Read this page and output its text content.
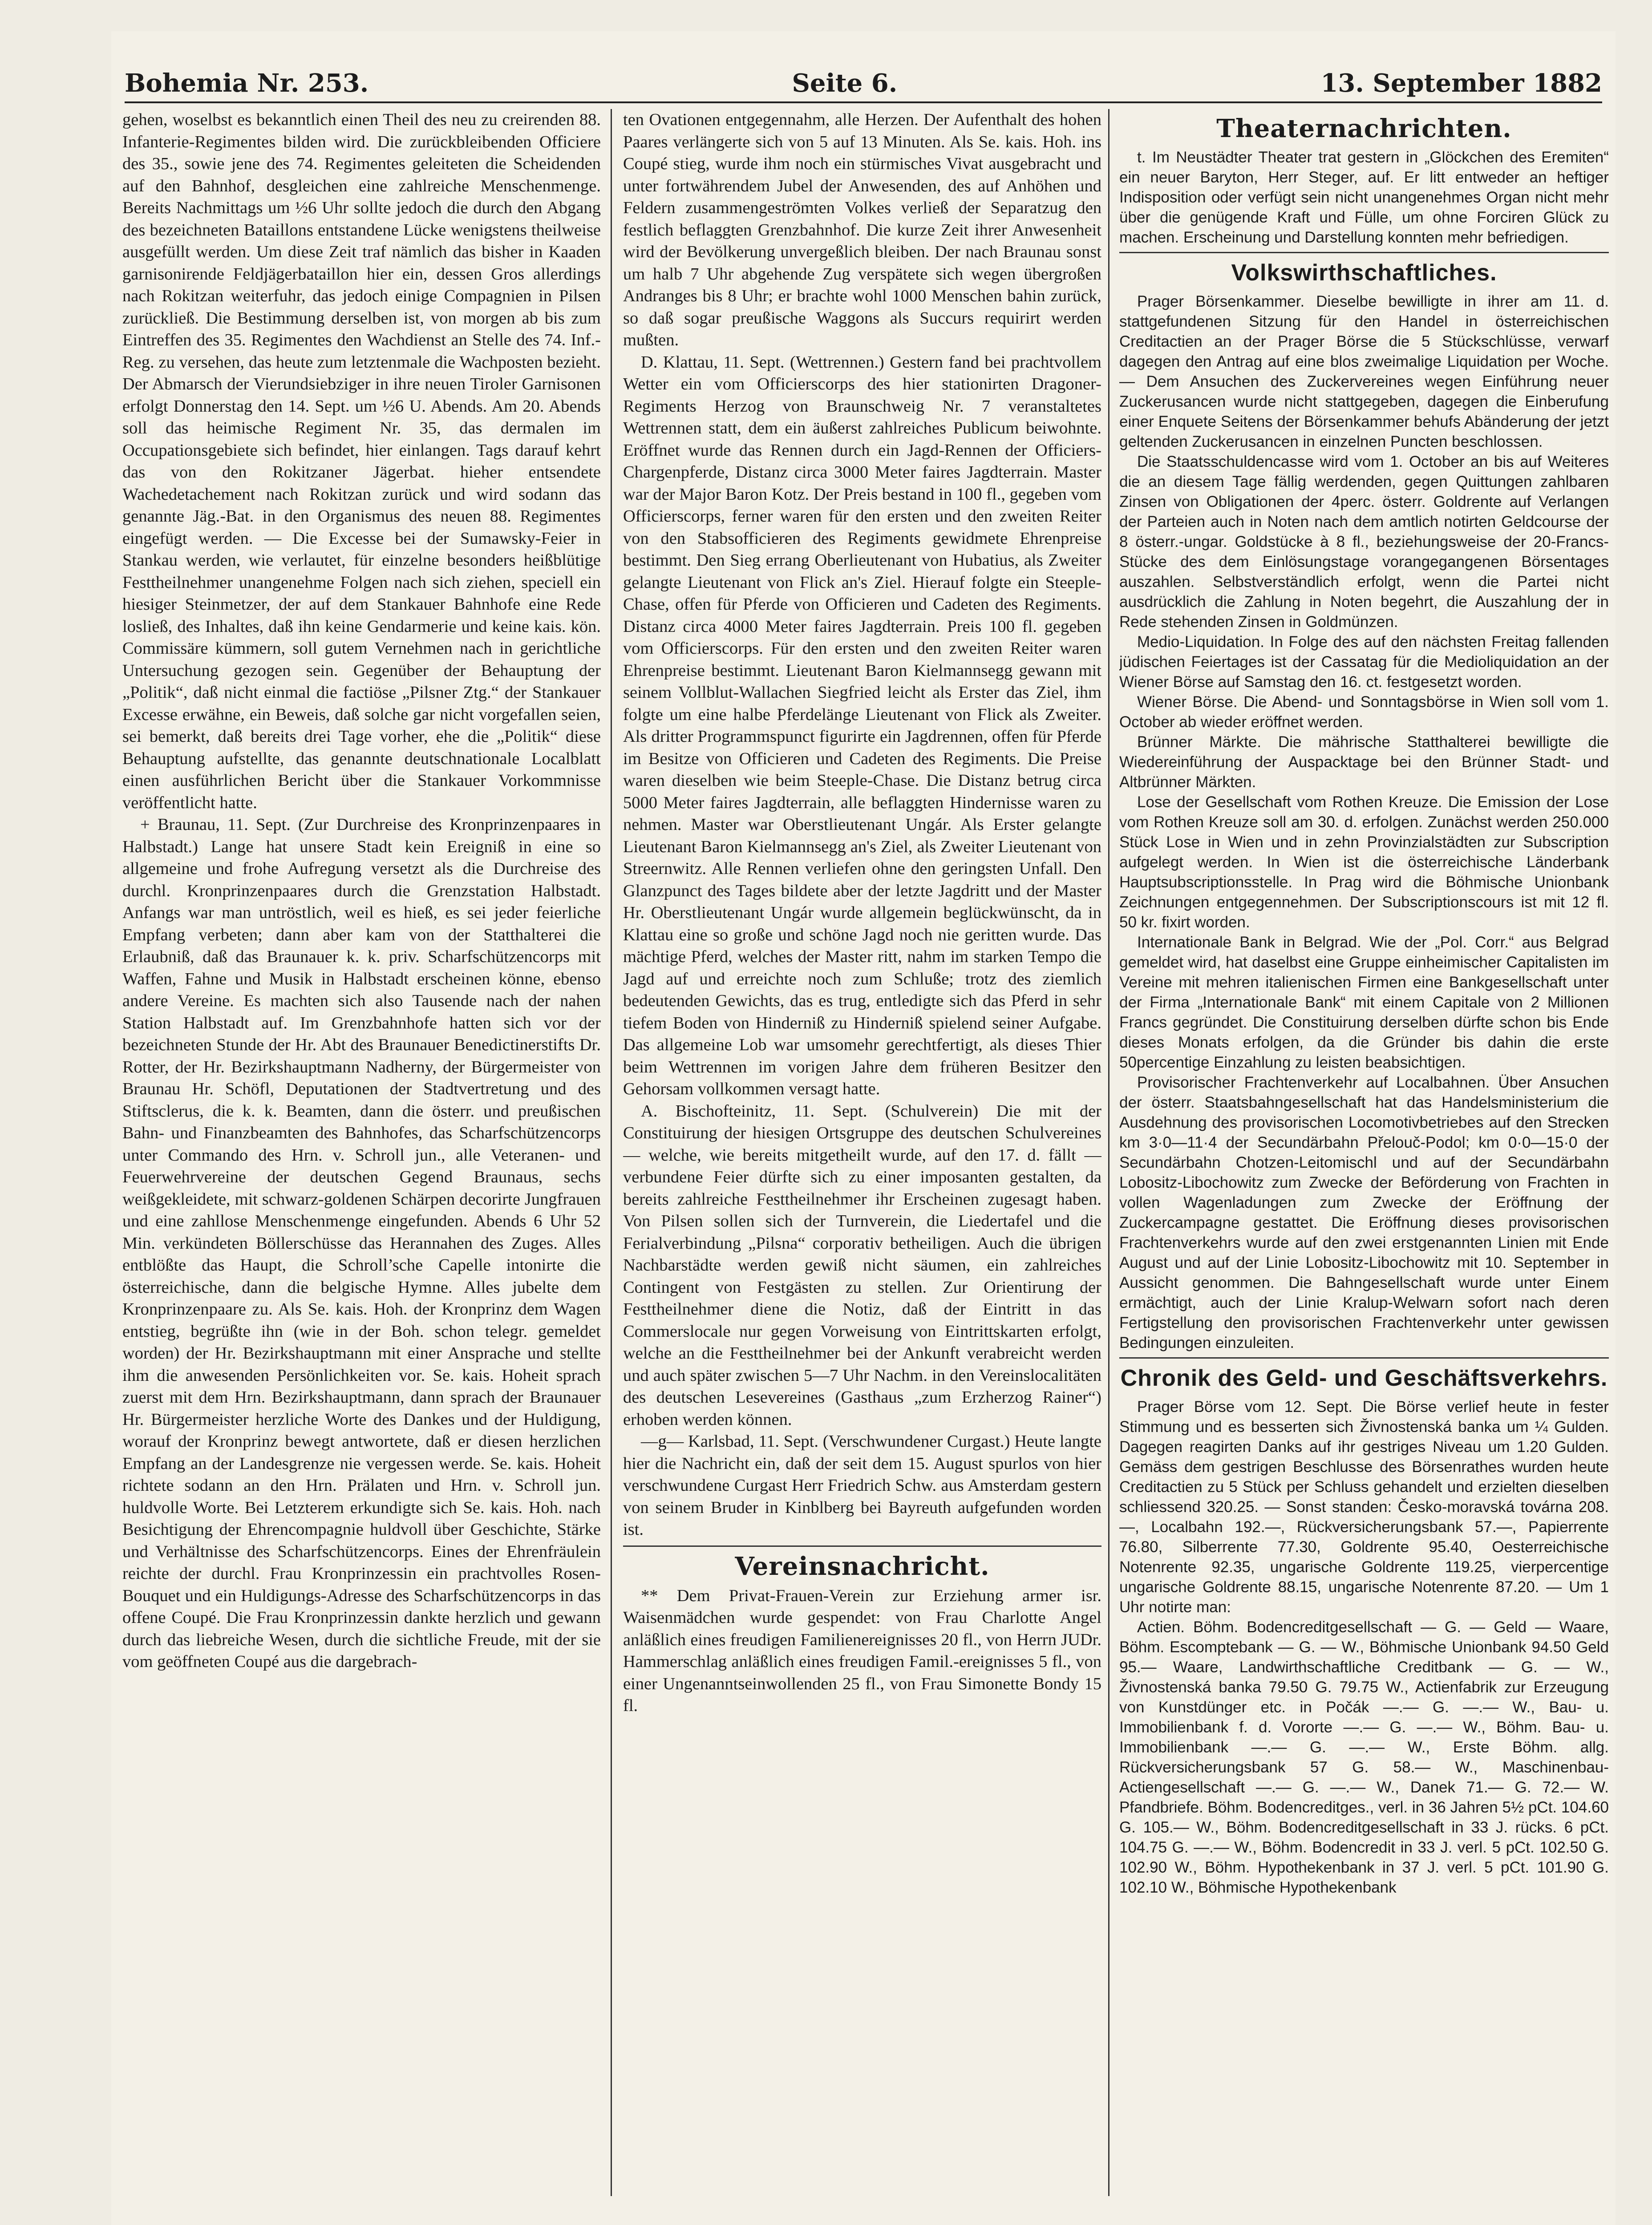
Bohemia Nr. 253.	Seite 6.	13. September 1882

gehen, woselbst es bekanntlich einen Theil des neu zu creirenden 88. Infanterie-Regimentes bilden wird. Die zurückbleibenden Officiere des 35., sowie jene des 74. Regimentes geleiteten die Scheidenden auf den Bahnhof, desgleichen eine zahlreiche Menschenmenge. Bereits Nachmittags um ½6 Uhr sollte jedoch die durch den Abgang des bezeichneten Bataillons entstandene Lücke wenigstens theilweise ausgefüllt werden. Um diese Zeit traf nämlich das bisher in Kaaden garnisonirende Feldjägerbataillon hier ein, dessen Gros allerdings nach Rokitzan weiterfuhr, das jedoch einige Compagnien in Pilsen zurückließ. Die Bestimmung derselben ist, von morgen ab bis zum Eintreffen des 35. Regimentes den Wachdienst an Stelle des 74. Inf.-Reg. zu versehen, das heute zum letztenmale die Wachposten bezieht. Der Abmarsch der Vierundsiebziger in ihre neuen Tiroler Garnisonen erfolgt Donnerstag den 14. Sept. um ½6 U. Abends. Am 20. Abends soll das heimische Regiment Nr. 35, das dermalen im Occupationsgebiete sich befindet, hier einlangen. Tags darauf kehrt das von den Rokitzaner Jägerbat. hieher entsendete Wachedetachement nach Rokitzan zurück und wird sodann das genannte Jäg.-Bat. in den Organismus des neuen 88. Regimentes eingefügt werden. — Die Excesse bei der Sumawsky-Feier in Stankau werden, wie verlautet, für einzelne besonders heißblütige Festtheilnehmer unangenehme Folgen nach sich ziehen, speciell ein hiesiger Steinmetzer, der auf dem Stankauer Bahnhofe eine Rede losließ, des Inhaltes, daß ihn keine Gendarmerie und keine kais. kön. Commissäre kümmern, soll gutem Vernehmen nach in gerichtliche Untersuchung gezogen sein. Gegenüber der Behauptung der „Politik“, daß nicht einmal die factiöse „Pilsner Ztg.“ der Stankauer Excesse erwähne, ein Beweis, daß solche gar nicht vorgefallen seien, sei bemerkt, daß bereits drei Tage vorher, ehe die „Politik“ diese Behauptung aufstellte, das genannte deutschnationale Localblatt einen ausführlichen Bericht über die Stankauer Vorkommnisse veröffentlicht hatte.

+ Braunau, 11. Sept. (Zur Durchreise des Kronprinzenpaares in Halbstadt.) Lange hat unsere Stadt kein Ereigniß in eine so allgemeine und frohe Aufregung versetzt als die Durchreise des durchl. Kronprinzenpaares durch die Grenzstation Halbstadt. Anfangs war man untröstlich, weil es hieß, es sei jeder feierliche Empfang verbeten; dann aber kam von der Statthalterei die Erlaubniß, daß das Braunauer k. k. priv. Scharfschützencorps mit Waffen, Fahne und Musik in Halbstadt erscheinen könne, ebenso andere Vereine. Es machten sich also Tausende nach der nahen Station Halbstadt auf. Im Grenzbahnhofe hatten sich vor der bezeichneten Stunde der Hr. Abt des Braunauer Benedictinerstifts Dr. Rotter, der Hr. Bezirkshauptmann Nadherny, der Bürgermeister von Braunau Hr. Schöfl, Deputationen der Stadtvertretung und des Stiftsclerus, die k. k. Beamten, dann die österr. und preußischen Bahn- und Finanzbeamten des Bahnhofes, das Scharfschützencorps unter Commando des Hrn. v. Schroll jun., alle Veteranen- und Feuerwehrvereine der deutschen Gegend Braunaus, sechs weißgekleidete, mit schwarz-goldenen Schärpen decorirte Jungfrauen und eine zahllose Menschenmenge eingefunden. Abends 6 Uhr 52 Min. verkündeten Böllerschüsse das Herannahen des Zuges. Alles entblößte das Haupt, die Schroll’sche Capelle intonirte die österreichische, dann die belgische Hymne. Alles jubelte dem Kronprinzenpaare zu. Als Se. kais. Hoh. der Kronprinz dem Wagen entstieg, begrüßte ihn (wie in der Boh. schon telegr. gemeldet worden) der Hr. Bezirkshauptmann mit einer Ansprache und stellte ihm die anwesenden Persönlichkeiten vor. Se. kais. Hoheit sprach zuerst mit dem Hrn. Bezirkshauptmann, dann sprach der Braunauer Hr. Bürgermeister herzliche Worte des Dankes und der Huldigung, worauf der Kronprinz bewegt antwortete, daß er diesen herzlichen Empfang an der Landesgrenze nie vergessen werde. Se. kais. Hoheit richtete sodann an den Hrn. Prälaten und Hrn. v. Schroll jun. huldvolle Worte. Bei Letzterem erkundigte sich Se. kais. Hoh. nach Besichtigung der Ehrencompagnie huldvoll über Geschichte, Stärke und Verhältnisse des Scharfschützencorps. Eines der Ehrenfräulein reichte der durchl. Frau Kronprinzessin ein prachtvolles Rosen-Bouquet und ein Huldigungs-Adresse des Scharfschützencorps in das offene Coupé. Die Frau Kronprinzessin dankte herzlich und gewann durch das liebreiche Wesen, durch die sichtliche Freude, mit der sie vom geöffneten Coupé aus die dargebrach-

ten Ovationen entgegennahm, alle Herzen. Der Aufenthalt des hohen Paares verlängerte sich von 5 auf 13 Minuten. Als Se. kais. Hoh. ins Coupé stieg, wurde ihm noch ein stürmisches Vivat ausgebracht und unter fortwährendem Jubel der Anwesenden, des auf Anhöhen und Feldern zusammengeströmten Volkes verließ der Separatzug den festlich beflaggten Grenzbahnhof. Die kurze Zeit ihrer Anwesenheit wird der Bevölkerung unvergeßlich bleiben. Der nach Braunau sonst um halb 7 Uhr abgehende Zug verspätete sich wegen übergroßen Andranges bis 8 Uhr; er brachte wohl 1000 Menschen bahin zurück, so daß sogar preußische Waggons als Succurs requirirt werden mußten.

D. Klattau, 11. Sept. (Wettrennen.) Gestern fand bei prachtvollem Wetter ein vom Officierscorps des hier stationirten Dragoner-Regiments Herzog von Braunschweig Nr. 7 veranstaltetes Wettrennen statt, dem ein äußerst zahlreiches Publicum beiwohnte. Eröffnet wurde das Rennen durch ein Jagd-Rennen der Officiers-Chargenpferde, Distanz circa 3000 Meter faires Jagdterrain. Master war der Major Baron Kotz. Der Preis bestand in 100 fl., gegeben vom Officierscorps, ferner waren für den ersten und den zweiten Reiter von den Stabsofficieren des Regiments gewidmete Ehrenpreise bestimmt. Den Sieg errang Oberlieutenant von Hubatius, als Zweiter gelangte Lieutenant von Flick an's Ziel. Hierauf folgte ein Steeple-Chase, offen für Pferde von Officieren und Cadeten des Regiments. Distanz circa 4000 Meter faires Jagdterrain. Preis 100 fl. gegeben vom Officierscorps. Für den ersten und den zweiten Reiter waren Ehrenpreise bestimmt. Lieutenant Baron Kielmannsegg gewann mit seinem Vollblut-Wallachen Siegfried leicht als Erster das Ziel, ihm folgte um eine halbe Pferdelänge Lieutenant von Flick als Zweiter. Als dritter Programmspunct figurirte ein Jagdrennen, offen für Pferde im Besitze von Officieren und Cadeten des Regiments. Die Preise waren dieselben wie beim Steeple-Chase. Die Distanz betrug circa 5000 Meter faires Jagdterrain, alle beflaggten Hindernisse waren zu nehmen. Master war Oberstlieutenant Ungár. Als Erster gelangte Lieutenant Baron Kielmannsegg an's Ziel, als Zweiter Lieutenant von Streernwitz. Alle Rennen verliefen ohne den geringsten Unfall. Den Glanzpunct des Tages bildete aber der letzte Jagdritt und der Master Hr. Oberstlieutenant Ungár wurde allgemein beglückwünscht, da in Klattau eine so große und schöne Jagd noch nie geritten wurde. Das mächtige Pferd, welches der Master ritt, nahm im starken Tempo die Jagd auf und erreichte noch zum Schluße; trotz des ziemlich bedeutenden Gewichts, das es trug, entledigte sich das Pferd in sehr tiefem Boden von Hinderniß zu Hinderniß spielend seiner Aufgabe. Das allgemeine Lob war umsomehr gerechtfertigt, als dieses Thier beim Wettrennen im vorigen Jahre dem früheren Besitzer den Gehorsam vollkommen versagt hatte.

A. Bischofteinitz, 11. Sept. (Schulverein) Die mit der Constituirung der hiesigen Ortsgruppe des deutschen Schulvereines — welche, wie bereits mitgetheilt wurde, auf den 17. d. fällt — verbundene Feier dürfte sich zu einer imposanten gestalten, da bereits zahlreiche Festtheilnehmer ihr Erscheinen zugesagt haben. Von Pilsen sollen sich der Turnverein, die Liedertafel und die Ferialverbindung „Pilsna“ corporativ betheiligen. Auch die übrigen Nachbarstädte werden gewiß nicht säumen, ein zahlreiches Contingent von Festgästen zu stellen. Zur Orientirung der Festtheilnehmer diene die Notiz, daß der Eintritt in das Commerslocale nur gegen Vorweisung von Eintrittskarten erfolgt, welche an die Festtheilnehmer bei der Ankunft verabreicht werden und auch später zwischen 5—7 Uhr Nachm. in den Vereinslocalitäten des deutschen Lesevereines (Gasthaus „zum Erzherzog Rainer“) erhoben werden können.

—g— Karlsbad, 11. Sept. (Verschwundener Curgast.) Heute langte hier die Nachricht ein, daß der seit dem 15. August spurlos von hier verschwundene Curgast Herr Friedrich Schw. aus Amsterdam gestern von seinem Bruder in Kinblberg bei Bayreuth aufgefunden worden ist.

Vereinsnachricht.

** Dem Privat-Frauen-Verein zur Erziehung armer isr. Waisenmädchen wurde gespendet: von Frau Charlotte Angel anläßlich eines freudigen Familienereignisses 20 fl., von Herrn JUDr. Hammerschlag anläßlich eines freudigen Famil.-ereignisses 5 fl., von einer Ungenanntseinwollenden 25 fl., von Frau Simonette Bondy 15 fl.

Theaternachrichten.

t. Im Neustädter Theater trat gestern in „Glöckchen des Eremiten“ ein neuer Baryton, Herr Steger, auf. Er litt entweder an heftiger Indisposition oder verfügt sein nicht unangenehmes Organ nicht mehr über die genügende Kraft und Fülle, um ohne Forciren Glück zu machen. Erscheinung und Darstellung konnten mehr befriedigen.

Volkswirthschaftliches.

Prager Börsenkammer. Dieselbe bewilligte in ihrer am 11. d. stattgefundenen Sitzung für den Handel in österreichischen Creditactien an der Prager Börse die 5 Stückschlüsse, verwarf dagegen den Antrag auf eine blos zweimalige Liquidation per Woche. — Dem Ansuchen des Zuckervereines wegen Einführung neuer Zuckerusancen wurde nicht stattgegeben, dagegen die Einberufung einer Enquete Seitens der Börsenkammer behufs Abänderung der jetzt geltenden Zuckerusancen in einzelnen Puncten beschlossen.

Die Staatsschuldencasse wird vom 1. October an bis auf Weiteres die an diesem Tage fällig werdenden, gegen Quittungen zahlbaren Zinsen von Obligationen der 4perc. österr. Goldrente auf Verlangen der Parteien auch in Noten nach dem amtlich notirten Geldcourse der 8 österr.-ungar. Goldstücke à 8 fl., beziehungsweise der 20-Francs-Stücke des dem Einlösungstage vorangegangenen Börsentages auszahlen. Selbstverständlich erfolgt, wenn die Partei nicht ausdrücklich die Zahlung in Noten begehrt, die Auszahlung der in Rede stehenden Zinsen in Goldmünzen.

Medio-Liquidation. In Folge des auf den nächsten Freitag fallenden jüdischen Feiertages ist der Cassatag für die Medioliquidation an der Wiener Börse auf Samstag den 16. ct. festgesetzt worden.

Wiener Börse. Die Abend- und Sonntagsbörse in Wien soll vom 1. October ab wieder eröffnet werden.

Brünner Märkte. Die mährische Statthalterei bewilligte die Wiedereinführung der Auspacktage bei den Brünner Stadt- und Altbrünner Märkten.

Lose der Gesellschaft vom Rothen Kreuze. Die Emission der Lose vom Rothen Kreuze soll am 30. d. erfolgen. Zunächst werden 250.000 Stück Lose in Wien und in zehn Provinzialstädten zur Subscription aufgelegt werden. In Wien ist die österreichische Länderbank Hauptsubscriptionsstelle. In Prag wird die Böhmische Unionbank Zeichnungen entgegennehmen. Der Subscriptionscours ist mit 12 fl. 50 kr. fixirt worden.

Internationale Bank in Belgrad. Wie der „Pol. Corr.“ aus Belgrad gemeldet wird, hat daselbst eine Gruppe einheimischer Capitalisten im Vereine mit mehren italienischen Firmen eine Bankgesellschaft unter der Firma „Internationale Bank“ mit einem Capitale von 2 Millionen Francs gegründet. Die Constituirung derselben dürfte schon bis Ende dieses Monats erfolgen, da die Gründer bis dahin die erste 50percentige Einzahlung zu leisten beabsichtigen.

Provisorischer Frachtenverkehr auf Localbahnen. Über Ansuchen der österr. Staatsbahngesellschaft hat das Handelsministerium die Ausdehnung des provisorischen Locomotivbetriebes auf den Strecken km 3·0—11·4 der Secundärbahn Přelouč-Podol; km 0·0—15·0 der Secundärbahn Chotzen-Leitomischl und auf der Secundärbahn Lobositz-Libochowitz zum Zwecke der Beförderung von Frachten in vollen Wagenladungen zum Zwecke der Eröffnung der Zuckercampagne gestattet. Die Eröffnung dieses provisorischen Frachtenverkehrs wurde auf den zwei erstgenannten Linien mit Ende August und auf der Linie Lobositz-Libochowitz mit 10. September in Aussicht genommen. Die Bahngesellschaft wurde unter Einem ermächtigt, auch der Linie Kralup-Welwarn sofort nach deren Fertigstellung den provisorischen Frachtenverkehr unter gewissen Bedingungen einzuleiten.

Chronik des Geld- und Geschäftsverkehrs.

Prager Börse vom 12. Sept. Die Börse verlief heute in fester Stimmung und es besserten sich Živnostenská banka um ¼ Gulden. Dagegen reagirten Danks auf ihr gestriges Niveau um 1.20 Gulden. Gemäss dem gestrigen Beschlusse des Börsenrathes wurden heute Creditactien zu 5 Stück per Schluss gehandelt und erzielten dieselben schliessend 320.25. — Sonst standen: Česko-moravská továrna 208.—, Localbahn 192.—, Rückversicherungsbank 57.—, Papierrente 76.80, Silberrente 77.30, Goldrente 95.40, Oesterreichische Notenrente 92.35, ungarische Goldrente 119.25, vierpercentige ungarische Goldrente 88.15, ungarische Notenrente 87.20. — Um 1 Uhr notirte man:

Actien. Böhm. Bodencreditgesellschaft — G. — Geld — Waare, Böhm. Escomptebank — G. — W., Böhmische Unionbank 94.50 Geld 95.— Waare, Landwirthschaftliche Creditbank — G. — W., Živnostenská banka 79.50 G. 79.75 W., Actienfabrik zur Erzeugung von Kunstdünger etc. in Počák —.— G. —.— W., Bau- u. Immobilienbank f. d. Vororte —.— G. —.— W., Böhm. Bau- u. Immobilienbank —.— G. —.— W., Erste Böhm. allg. Rückversicherungsbank 57 G. 58.— W., Maschinenbau-Actiengesellschaft —.— G. —.— W., Danek 71.— G. 72.— W. Pfandbriefe. Böhm. Bodencreditges., verl. in 36 Jahren 5½ pCt. 104.60 G. 105.— W., Böhm. Bodencreditgesellschaft in 33 J. rücks. 6 pCt. 104.75 G. —.— W., Böhm. Bodencredit in 33 J. verl. 5 pCt. 102.50 G. 102.90 W., Böhm. Hypothekenbank in 37 J. verl. 5 pCt. 101.90 G. 102.10 W., Böhmische Hypothekenbank
